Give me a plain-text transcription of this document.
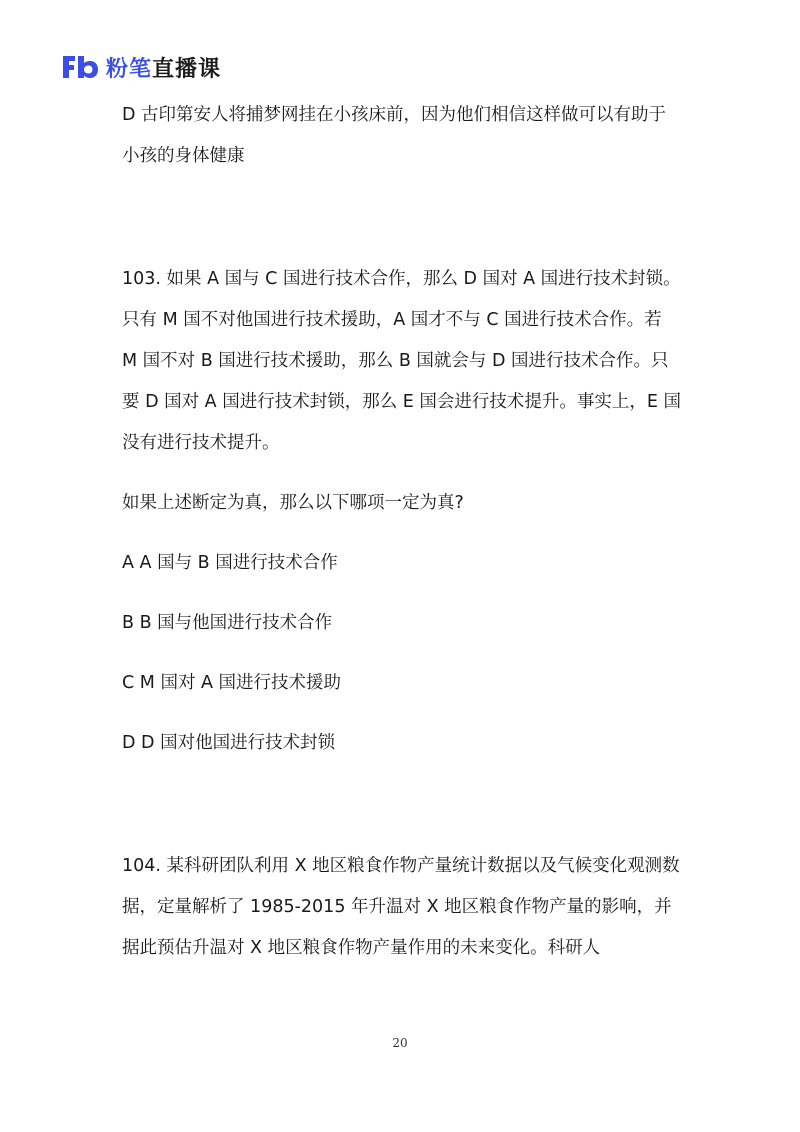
粉笔直播课

D 古印第安人将捕梦网挂在小孩床前，因为他们相信这样做可以有助于小孩的身体健康

103. 如果 A 国与 C 国进行技术合作，那么 D 国对 A 国进行技术封锁。只有 M 国不对他国进行技术援助，A 国才不与 C 国进行技术合作。若 M 国不对 B 国进行技术援助，那么 B 国就会与 D 国进行技术合作。只要 D 国对 A 国进行技术封锁，那么 E 国会进行技术提升。事实上，E 国没有进行技术提升。

如果上述断定为真，那么以下哪项一定为真?

A A 国与 B 国进行技术合作

B B 国与他国进行技术合作

C M 国对 A 国进行技术援助

D D 国对他国进行技术封锁

104. 某科研团队利用 X 地区粮食作物产量统计数据以及气候变化观测数据，定量解析了 1985-2015 年升温对 X 地区粮食作物产量的影响，并据此预估升温对 X 地区粮食作物产量作用的未来变化。科研人

20
